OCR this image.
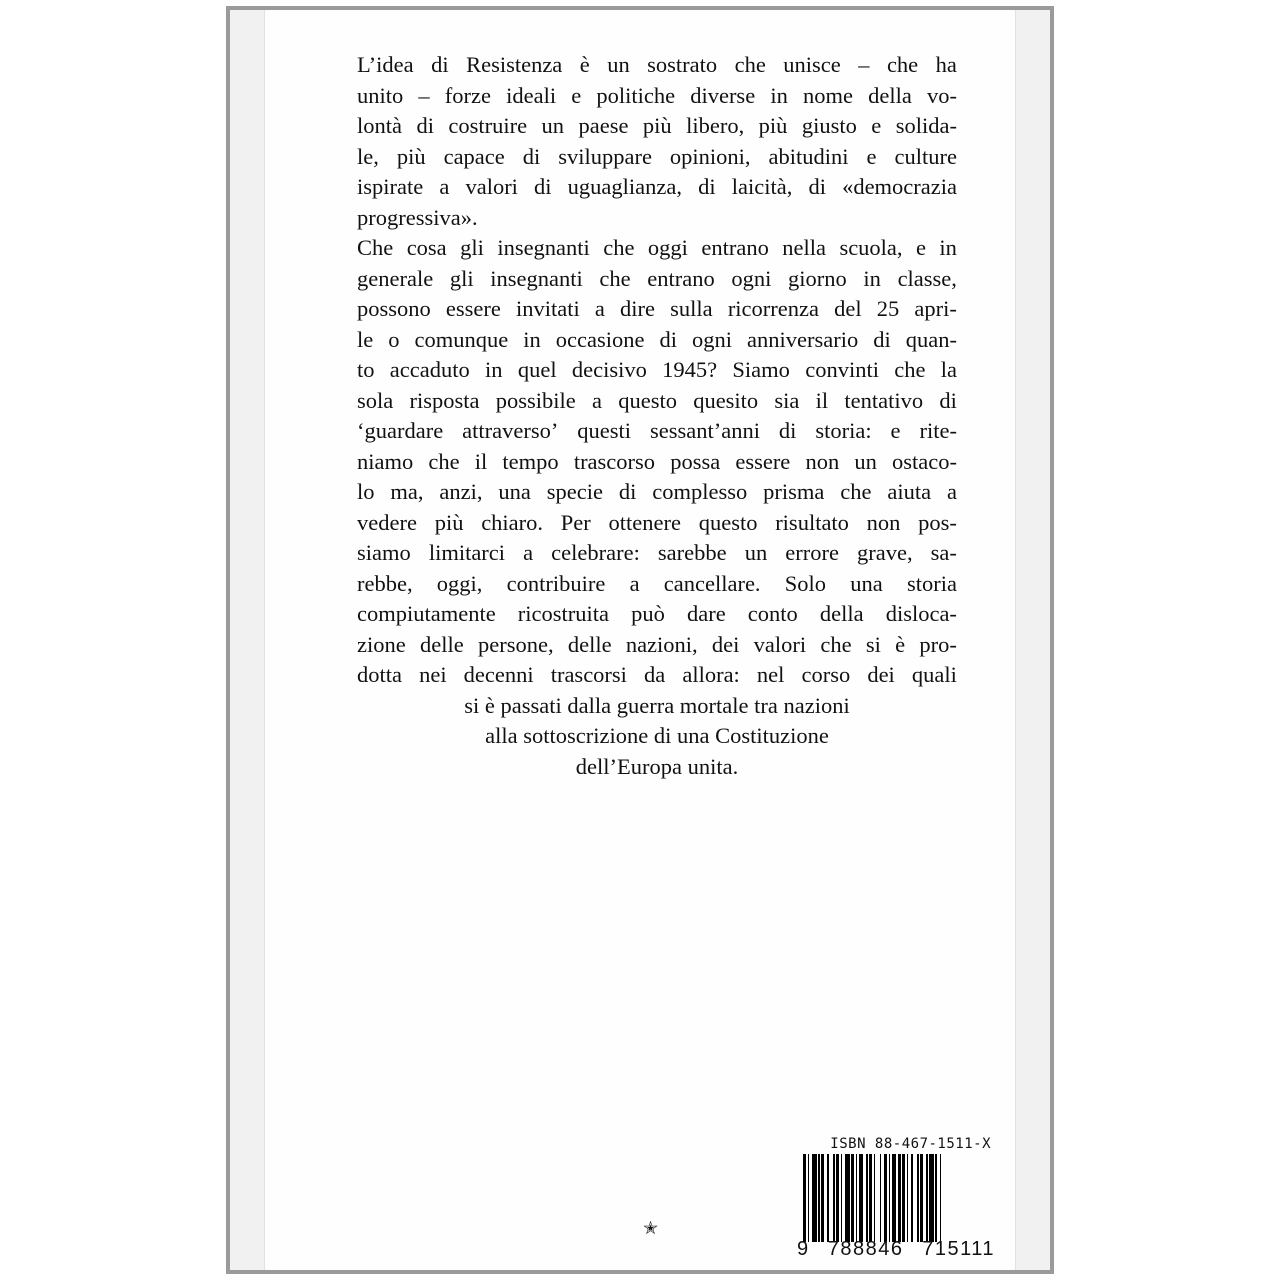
L’idea di Resistenza è un sostrato che unisce – che ha
unito – forze ideali e politiche diverse in nome della vo-
lontà di costruire un paese più libero, più giusto e solida-
le, più capace di sviluppare opinioni, abitudini e culture
ispirate a valori di uguaglianza, di laicità, di «democrazia
progressiva».
Che cosa gli insegnanti che oggi entrano nella scuola, e in
generale gli insegnanti che entrano ogni giorno in classe,
possono essere invitati a dire sulla ricorrenza del 25 apri-
le o comunque in occasione di ogni anniversario di quan-
to accaduto in quel decisivo 1945? Siamo convinti che la
sola risposta possibile a questo quesito sia il tentativo di
‘guardare attraverso’ questi sessant’anni di storia: e rite-
niamo che il tempo trascorso possa essere non un ostaco-
lo ma, anzi, una specie di complesso prisma che aiuta a
vedere più chiaro. Per ottenere questo risultato non pos-
siamo limitarci a celebrare: sarebbe un errore grave, sa-
rebbe, oggi, contribuire a cancellare. Solo una storia
compiutamente ricostruita può dare conto della disloca-
zione delle persone, delle nazioni, dei valori che si è pro-
dotta nei decenni trascorsi da allora: nel corso dei quali
si è passati dalla guerra mortale tra nazioni
alla sottoscrizione di una Costituzione
dell’Europa unita.
✭
ISBN 88-467-1511-X
9 788846 715111
